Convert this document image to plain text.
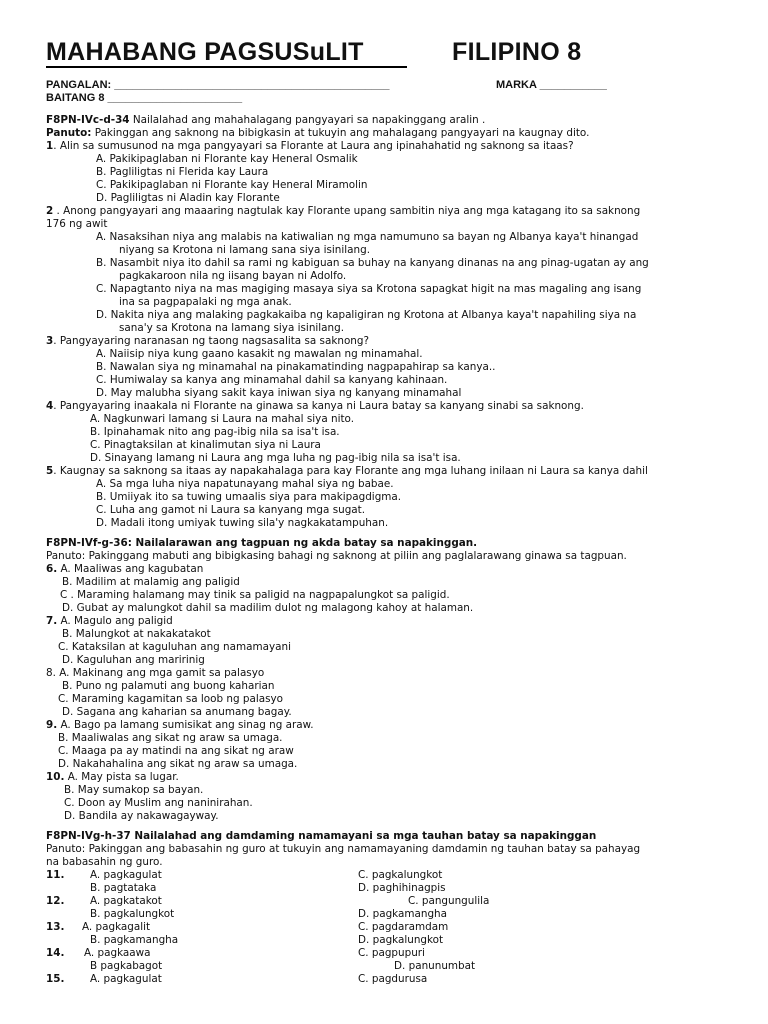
MAHABANG PAGSUSuLIT	FILIPINO 8
PANGALAN: _____________________________________________	MARKA ___________
BAITANG 8 ______________________
F8PN-IVc-d-34 Nailalahad ang mahahalagang pangyayari sa napakinggang aralin .
Panuto: Pakinggan ang saknong na bibigkasin at tukuyin ang mahalagang pangyayari na kaugnay dito.
1. Alin sa sumusunod na mga pangyayari sa Florante at Laura ang ipinahahatid ng saknong sa itaas?
A. Pakikipaglaban ni Florante kay Heneral Osmalik
B. Pagliligtas ni Flerida kay Laura
C. Pakikipaglaban ni Florante kay Heneral Miramolin
D. Pagliligtas ni Aladin kay Florante
2 . Anong pangyayari ang maaaring nagtulak kay Florante upang sambitin niya ang mga katagang ito sa saknong
176 ng awit
A. Nasaksihan niya ang malabis na katiwalian ng mga namumuno sa bayan ng Albanya kaya't hinangad
niyang sa Krotona ni lamang sana siya isinilang.
B. Nasambit niya ito dahil sa rami ng kabiguan sa buhay na kanyang dinanas na ang pinag-ugatan ay ang
pagkakaroon nila ng iisang bayan ni Adolfo.
C. Napagtanto niya na mas magiging masaya siya sa Krotona sapagkat higit na mas magaling ang isang
ina sa pagpapalaki ng mga anak.
D. Nakita niya ang malaking pagkakaiba ng kapaligiran ng Krotona at Albanya kaya't napahiling siya na
sana'y sa Krotona na lamang siya isinilang.
3. Pangyayaring naranasan ng taong nagsasalita sa saknong?
A. Naiisip niya kung gaano kasakit ng mawalan ng minamahal.
B. Nawalan siya ng minamahal na pinakamatinding nagpapahirap sa kanya..
C. Humiwalay sa kanya ang minamahal dahil sa kanyang kahinaan.
D. May malubha siyang sakit kaya iniwan siya ng kanyang minamahal
4. Pangyayaring inaakala ni Florante na ginawa sa kanya ni Laura batay sa kanyang sinabi sa saknong.
A. Nagkunwari lamang si Laura na mahal siya nito.
B. Ipinahamak nito ang pag-ibig nila sa isa't isa.
C. Pinagtaksilan at kinalimutan siya ni Laura
D. Sinayang lamang ni Laura ang mga luha ng pag-ibig nila sa isa't isa.
5. Kaugnay sa saknong sa itaas ay napakahalaga para kay Florante ang mga luhang inilaan ni Laura sa kanya dahil
A. Sa mga luha niya napatunayang mahal siya ng babae.
B. Umiiyak ito sa tuwing umaalis siya para makipagdigma.
C. Luha ang gamot ni Laura sa kanyang mga sugat.
D. Madali itong umiyak tuwing sila'y nagkakatampuhan.
F8PN-IVf-g-36: Nailalarawan ang tagpuan ng akda batay sa napakinggan.
Panuto: Pakinggang mabuti ang bibigkasing bahagi ng saknong at piliin ang paglalarawang ginawa sa tagpuan.
6. A. Maaliwas ang kagubatan
B. Madilim at malamig ang paligid
C . Maraming halamang may tinik sa paligid na nagpapalungkot sa paligid.
D. Gubat ay malungkot dahil sa madilim dulot ng malagong kahoy at halaman.
7. A. Magulo ang paligid
B. Malungkot at nakakatakot
C. Kataksilan at kaguluhan ang namamayani
D. Kaguluhan ang maririnig
8. A. Makinang ang mga gamit sa palasyo
B. Puno ng palamuti ang buong kaharian
C. Maraming kagamitan sa loob ng palasyo
D. Sagana ang kaharian sa anumang bagay.
9. A. Bago pa lamang sumisikat ang sinag ng araw.
B. Maaliwalas ang sikat ng araw sa umaga.
C. Maaga pa ay matindi na ang sikat ng araw
D. Nakahahalina ang sikat ng araw sa umaga.
10. A. May pista sa lugar.
B. May sumakop sa bayan.
C. Doon ay Muslim ang naninirahan.
D. Bandila ay nakawagayway.
F8PN-IVg-h-37 Nailalahad ang damdaming namamayani sa mga tauhan batay sa napakinggan
Panuto: Pakinggan ang babasahin ng guro at tukuyin ang namamayaning damdamin ng tauhan batay sa pahayag
na babasahin ng guro.
11. A. pagkagulat	C. pagkalungkot
B. pagtataka	D. paghihinagpis
12. A. pagkatakot	C. pangungulila
B. pagkalungkot	D. pagkamangha
13. A. pagkagalit	C. pagdaramdam
B. pagkamangha	D. pagkalungkot
14. A. pagkaawa	C. pagpupuri
B pagkabagot	D. panunumbat
15. A. pagkagulat	C. pagdurusa
